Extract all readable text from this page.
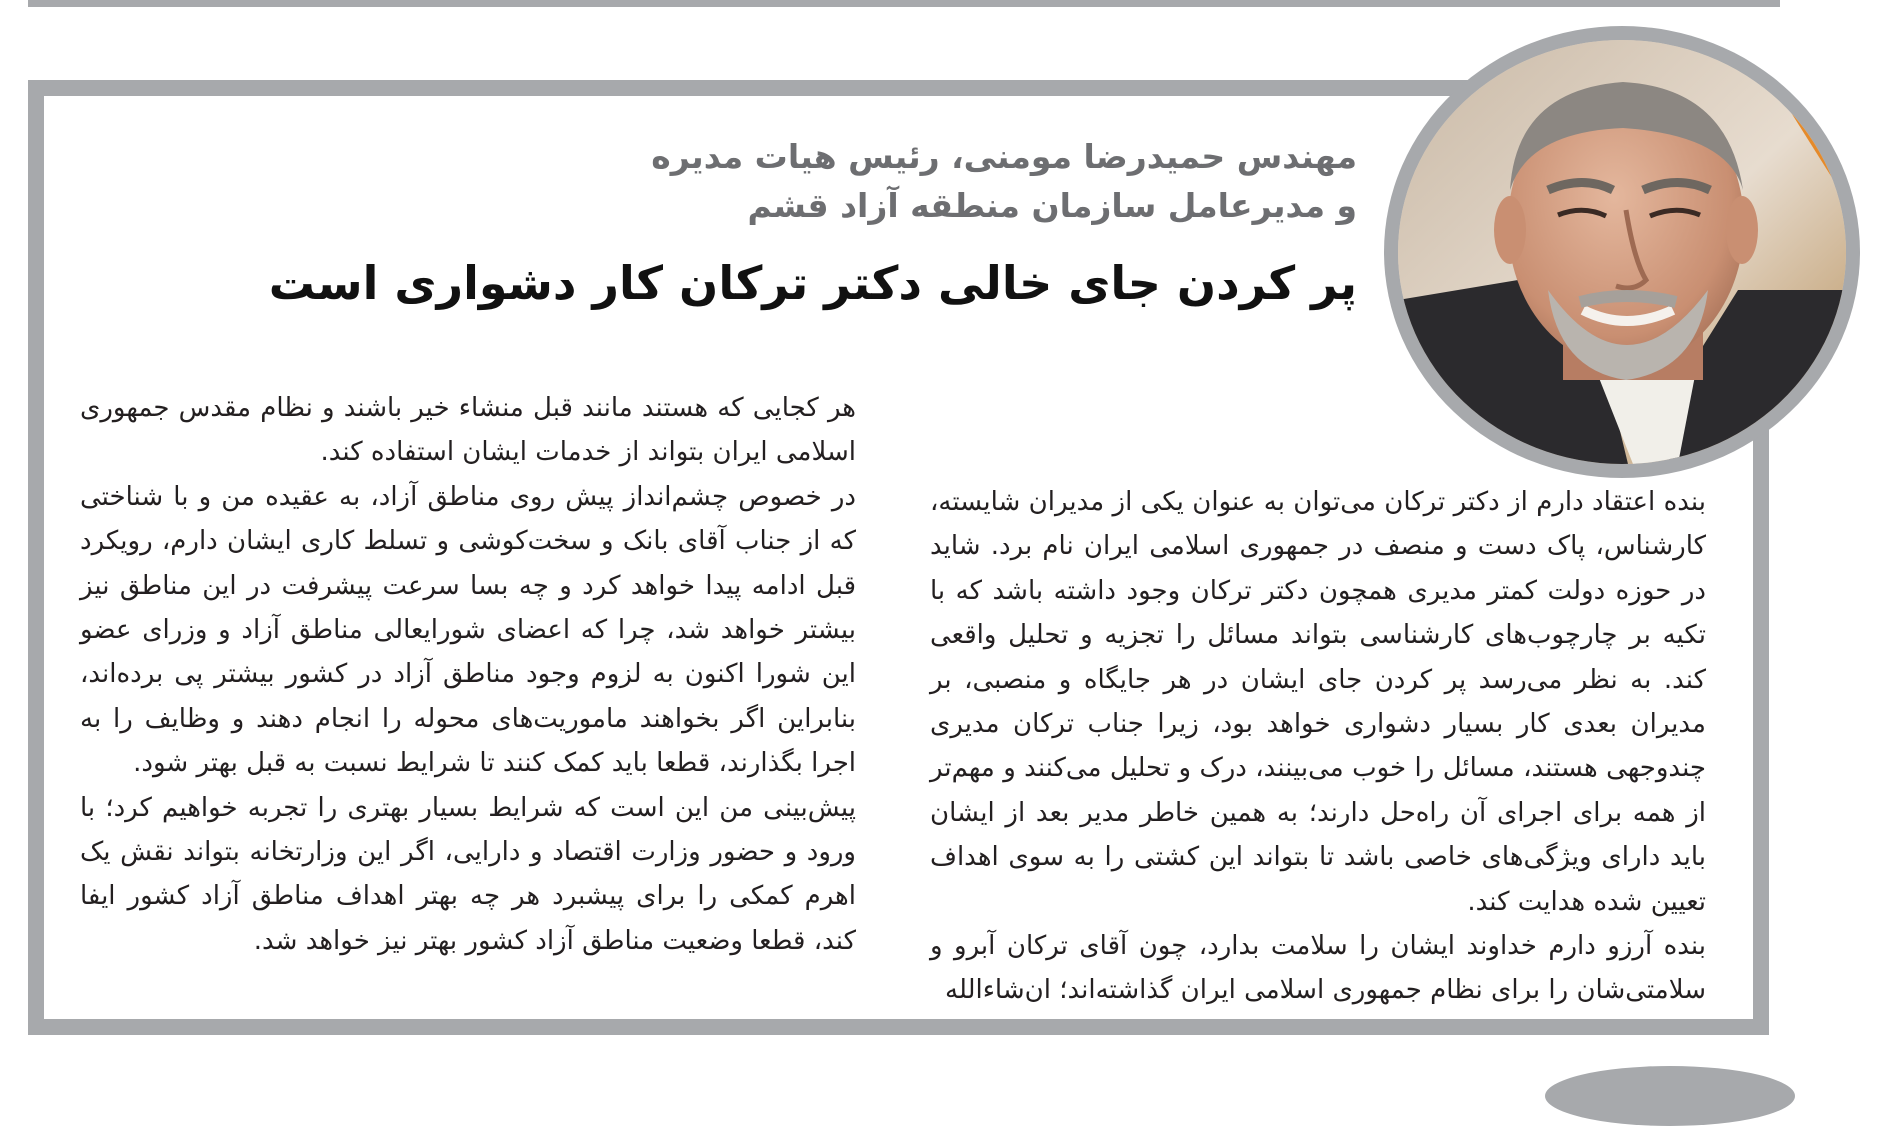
مهندس حمیدرضا مومنی، رئیس هیات مدیره
و مدیرعامل سازمان منطقه آزاد قشم
پر کردن جای خالی دکتر ترکان کار دشواری است

بنده اعتقاد دارم از دکتر ترکان می‌توان به عنوان یکی از مدیران شایسته، کارشناس، پاک دست و منصف در جمهوری اسلامی ایران نام برد. شاید در حوزه دولت کمتر مدیری همچون دکتر ترکان وجود داشته باشد که با تکیه بر چارچوب‌های کارشناسی بتواند مسائل را تجزیه و تحلیل واقعی کند. به نظر می‌رسد پر کردن جای ایشان در هر جایگاه و منصبی، بر مدیران بعدی کار بسیار دشواری خواهد بود، زیرا جناب ترکان مدیری چندوجهی هستند، مسائل را خوب می‌بینند، درک و تحلیل می‌کنند و مهم‌تر از همه برای اجرای آن راه‌حل دارند؛ به همین خاطر مدیر بعد از ایشان باید دارای ویژگی‌های خاصی باشد تا بتواند این کشتی را به سوی اهداف تعیین شده هدایت کند.

بنده آرزو دارم خداوند ایشان را سلامت بدارد، چون آقای ترکان آبرو و سلامتی‌شان را برای نظام جمهوری اسلامی ایران گذاشته‌اند؛ ان‌شاءالله

هر کجایی که هستند مانند قبل منشاء خیر باشند و نظام مقدس جمهوری اسلامی ایران بتواند از خدمات ایشان استفاده کند.

در خصوص چشم‌انداز پیش روی مناطق آزاد، به عقیده من و با شناختی که از جناب آقای بانک و سخت‌کوشی و تسلط کاری ایشان دارم، رویکرد قبل ادامه پیدا خواهد کرد و چه بسا سرعت پیشرفت در این مناطق نیز بیشتر خواهد شد، چرا که اعضای شورایعالی مناطق آزاد و وزرای عضو این شورا اکنون به لزوم وجود مناطق آزاد در کشور بیشتر پی برده‌اند، بنابراین اگر بخواهند ماموریت‌های محوله را انجام دهند و وظایف را به اجرا بگذارند، قطعا باید کمک کنند تا شرایط نسبت به قبل بهتر شود.

پیش‌بینی من این است که شرایط بسیار بهتری را تجربه خواهیم کرد؛ با ورود و حضور وزارت اقتصاد و دارایی، اگر این وزارتخانه بتواند نقش یک اهرم کمکی را برای پیشبرد هر چه بهتر اهداف مناطق آزاد کشور ایفا کند، قطعا وضعیت مناطق آزاد کشور بهتر نیز خواهد شد.
